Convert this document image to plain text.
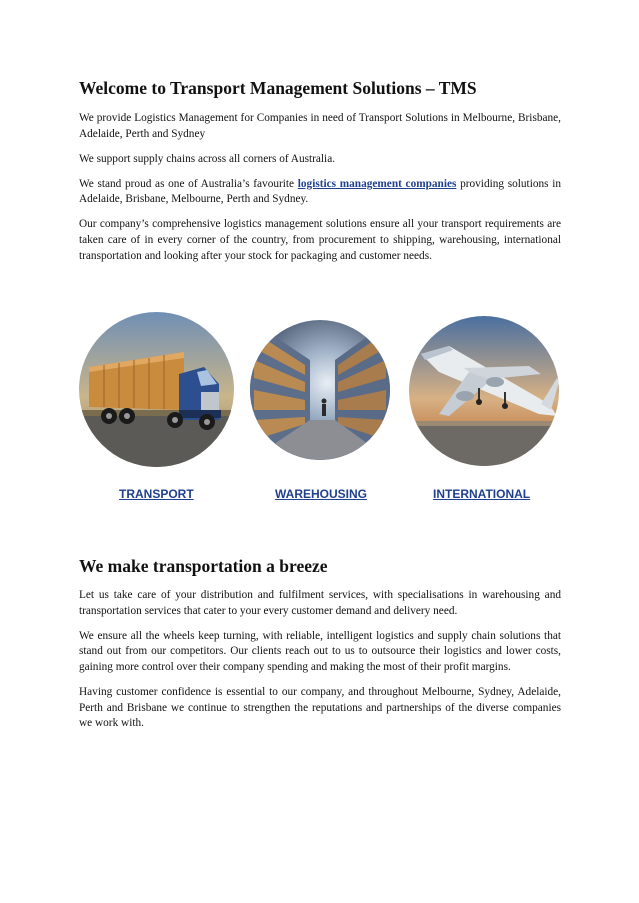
Welcome to Transport Management Solutions – TMS

We provide Logistics Management for Companies in need of Transport Solutions in Melbourne, Brisbane, Adelaide, Perth and Sydney

We support supply chains across all corners of Australia.

We stand proud as one of Australia’s favourite logistics management companies providing solutions in Adelaide, Brisbane, Melbourne, Perth and Sydney.

Our company’s comprehensive logistics management solutions ensure all your transport requirements are taken care of in every corner of the country, from procurement to shipping, warehousing, international transportation and looking after your stock for packaging and customer needs.

TRANSPORT	WAREHOUSING	INTERNATIONAL
We make transportation a breeze

Let us take care of your distribution and fulfilment services, with specialisations in warehousing and transportation services that cater to your every customer demand and delivery need.

We ensure all the wheels keep turning, with reliable, intelligent logistics and supply chain solutions that stand out from our competitors. Our clients reach out to us to outsource their logistics and lower costs, gaining more control over their company spending and making the most of their profit margins.

Having customer confidence is essential to our company, and throughout Melbourne, Sydney, Adelaide, Perth and Brisbane we continue to strengthen the reputations and partnerships of the diverse companies we work with.
